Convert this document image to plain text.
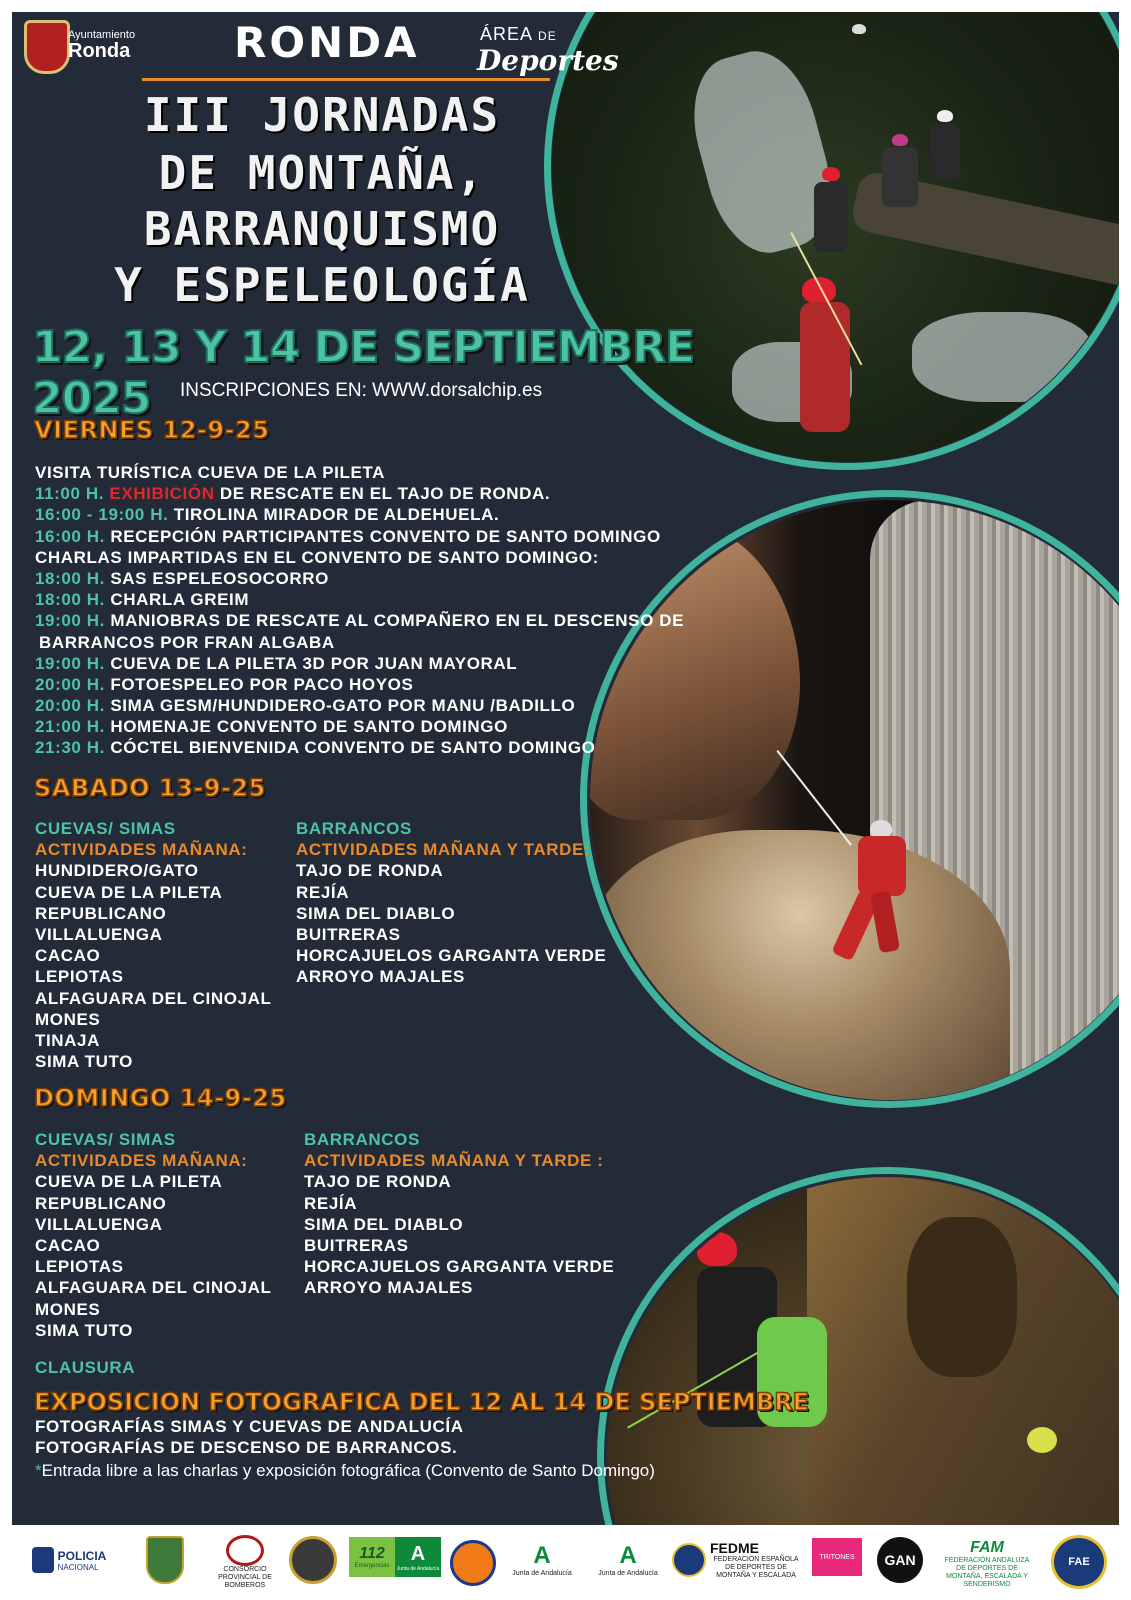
Ayuntamiento
Ronda RONDA	ÁREA DE
Deportes
III JORNADAS
DE MONTAÑA,
BARRANQUISMO
Y ESPELEOLOGÍA
12, 13 Y 14 DE SEPTIEMBRE 2025	INSCRIPCIONES EN: WWW.dorsalchip.es
VIERNES 12-9-25
VISITA TURÍSTICA CUEVA DE LA PILETA
11:00 H. EXHIBICIÓN DE RESCATE EN EL TAJO DE RONDA.
16:00 - 19:00 H. TIROLINA MIRADOR DE ALDEHUELA.
16:00 H. RECEPCIÓN PARTICIPANTES CONVENTO DE SANTO DOMINGO
CHARLAS IMPARTIDAS EN EL CONVENTO DE SANTO DOMINGO:
18:00 H. SAS ESPELEOSOCORRO
18:00 H. CHARLA GREIM
19:00 H. MANIOBRAS DE RESCATE AL COMPAÑERO EN EL DESCENSO DE
BARRANCOS POR FRAN ALGABA
19:00 H. CUEVA DE LA PILETA 3D POR JUAN MAYORAL
20:00 H. FOTOESPELEO POR PACO HOYOS
20:00 H. SIMA GESM/HUNDIDERO-GATO POR MANU /BADILLO
21:00 H. HOMENAJE CONVENTO DE SANTO DOMINGO
21:30 H. CÓCTEL BIENVENIDA CONVENTO DE SANTO DOMINGO
SABADO 13-9-25
CUEVAS/ SIMAS
ACTIVIDADES MAÑANA:
HUNDIDERO/GATO
CUEVA DE LA PILETA
REPUBLICANO
VILLALUENGA
CACAO
LEPIOTAS
ALFAGUARA DEL CINOJAL
MONES
TINAJA
SIMA TUTO
BARRANCOS
ACTIVIDADES MAÑANA Y TARDE:
TAJO DE RONDA
REJÍA
SIMA DEL DIABLO
BUITRERAS
HORCAJUELOS GARGANTA VERDE
ARROYO MAJALES
DOMINGO 14-9-25
CUEVAS/ SIMAS
ACTIVIDADES MAÑANA:
CUEVA DE LA PILETA
REPUBLICANO
VILLALUENGA
CACAO
LEPIOTAS
ALFAGUARA DEL CINOJAL
MONES
SIMA TUTO
BARRANCOS
ACTIVIDADES MAÑANA Y TARDE :
TAJO DE RONDA
REJÍA
SIMA DEL DIABLO
BUITRERAS
HORCAJUELOS GARGANTA VERDE
ARROYO MAJALES
CLAUSURA
EXPOSICION FOTOGRAFICA DEL 12 AL 14 DE SEPTIEMBRE
FOTOGRAFÍAS SIMAS Y CUEVAS DE ANDALUCÍA
FOTOGRAFÍAS DE DESCENSO DE BARRANCOS.
*Entrada libre a las charlas y exposición fotográfica (Convento de Santo Domingo)
POLICIA
NACIONAL	CONSORCIO PROVINCIAL DE BOMBEROS
112
Emergencias
A
Junta de Andalucía	A
Junta de Andalucía
A
Junta de Andalucía
FEDME
FEDERACIÓN ESPAÑOLA DE DEPORTES DE MONTAÑA Y ESCALADA
TRITONES	GAN
FAM
FEDERACIÓN ANDALUZA DE DEPORTES DE MONTAÑA, ESCALADA Y SENDERISMO
FAE
